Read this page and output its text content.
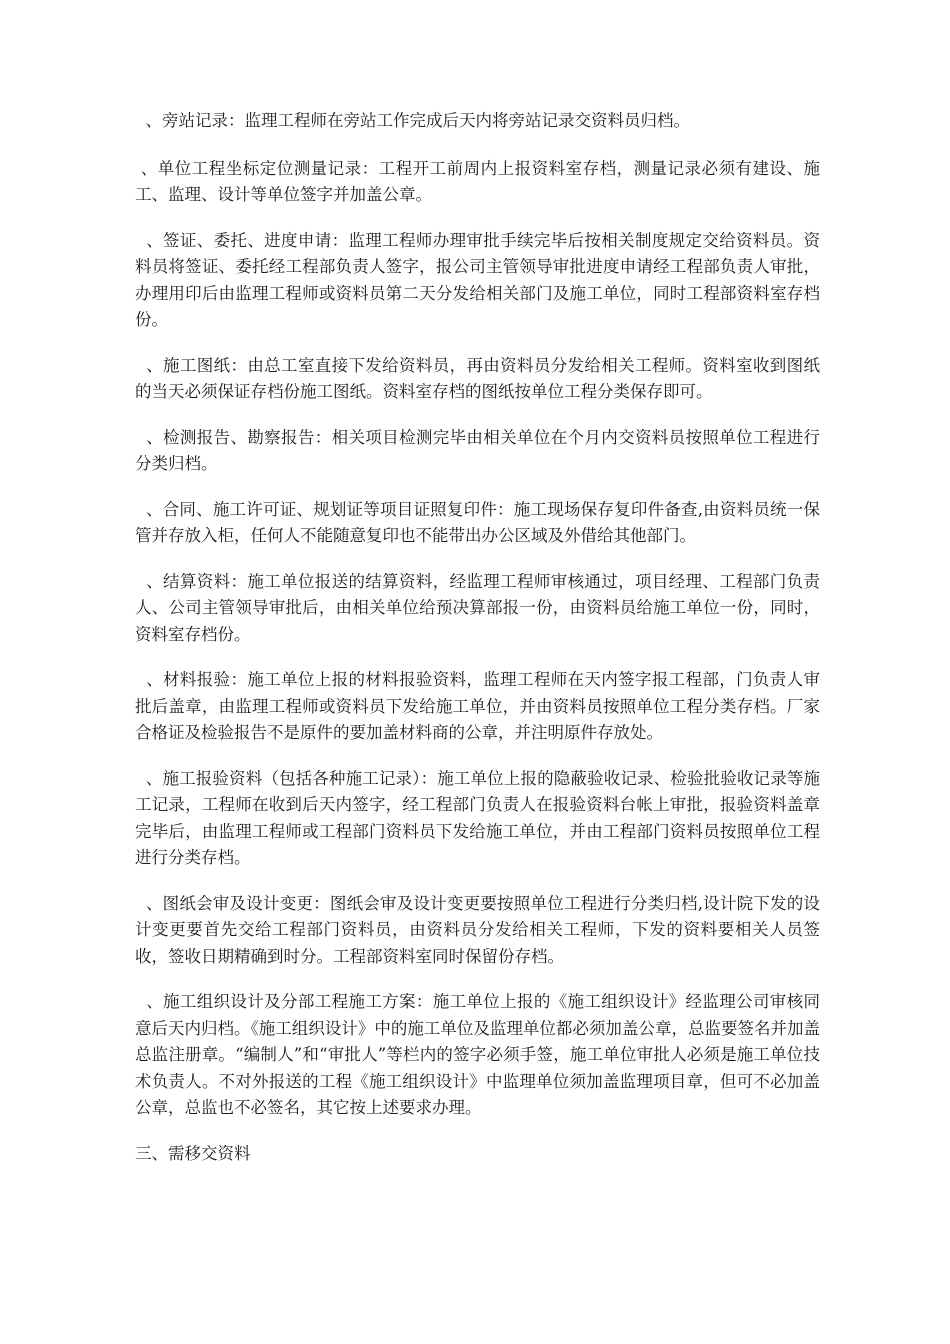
、旁站记录：监理工程师在旁站工作完成后天内将旁站记录交资料员归档。

、单位工程坐标定位测量记录：工程开工前周内上报资料室存档，测量记录必须有建设、施工、监理、设计等单位签字并加盖公章。

、签证、委托、进度申请：监理工程师办理审批手续完毕后按相关制度规定交给资料员。资料员将签证、委托经工程部负责人签字，报公司主管领导审批进度申请经工程部负责人审批，办理用印后由监理工程师或资料员第二天分发给相关部门及施工单位，同时工程部资料室存档份。

、施工图纸：由总工室直接下发给资料员，再由资料员分发给相关工程师。资料室收到图纸的当天必须保证存档份施工图纸。资料室存档的图纸按单位工程分类保存即可。

、检测报告、勘察报告：相关项目检测完毕由相关单位在个月内交资料员按照单位工程进行分类归档。

、合同、施工许可证、规划证等项目证照复印件：施工现场保存复印件备查,由资料员统一保管并存放入柜，任何人不能随意复印也不能带出办公区域及外借给其他部门。

、结算资料：施工单位报送的结算资料，经监理工程师审核通过，项目经理、工程部门负责人、公司主管领导审批后，由相关单位给预决算部报一份，由资料员给施工单位一份，同时，资料室存档份。

、材料报验：施工单位上报的材料报验资料，监理工程师在天内签字报工程部，门负责人审批后盖章，由监理工程师或资料员下发给施工单位，并由资料员按照单位工程分类存档。厂家合格证及检验报告不是原件的要加盖材料商的公章，并注明原件存放处。

、施工报验资料（包括各种施工记录）：施工单位上报的隐蔽验收记录、检验批验收记录等施工记录，工程师在收到后天内签字，经工程部门负责人在报验资料台帐上审批，报验资料盖章完毕后，由监理工程师或工程部门资料员下发给施工单位，并由工程部门资料员按照单位工程进行分类存档。

、图纸会审及设计变更：图纸会审及设计变更要按照单位工程进行分类归档,设计院下发的设计变更要首先交给工程部门资料员，由资料员分发给相关工程师，下发的资料要相关人员签收，签收日期精确到时分。工程部资料室同时保留份存档。

、施工组织设计及分部工程施工方案：施工单位上报的《施工组织设计》经监理公司审核同意后天内归档。《施工组织设计》中的施工单位及监理单位都必须加盖公章，总监要签名并加盖总监注册章。“编制人”和“审批人”等栏内的签字必须手签，施工单位审批人必须是施工单位技术负责人。不对外报送的工程《施工组织设计》中监理单位须加盖监理项目章，但可不必加盖公章，总监也不必签名，其它按上述要求办理。

三、需移交资料
